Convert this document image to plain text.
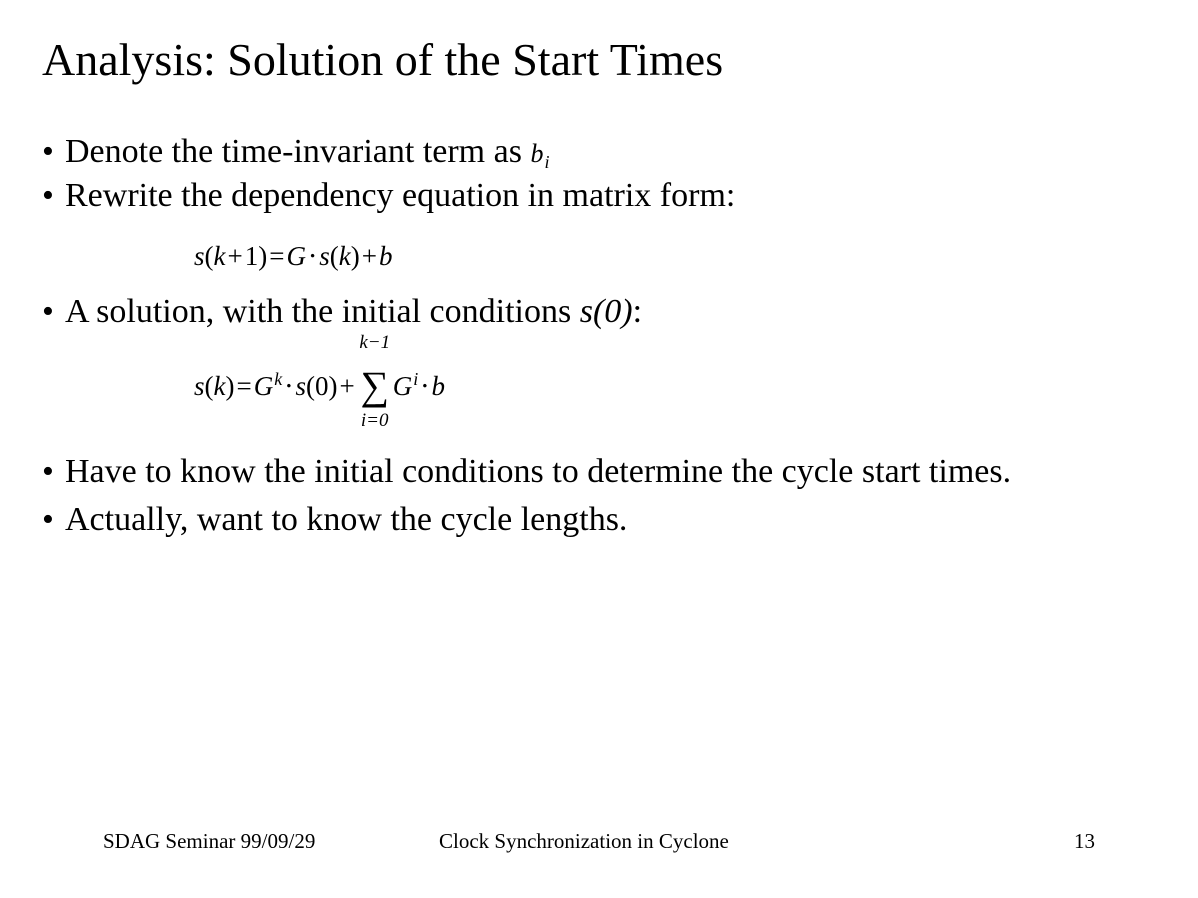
Analysis: Solution of the Start Times
• Denote the time-invariant term as $b_i$
• Rewrite the dependency equation in matrix form:
s(k+1)=G⋅s(k)+b
• A solution, with the initial conditions s(0):
$s(k)=G^k\cdot s(0)+$
k−1
∑
i=0
$G^i\cdot b$
• Have to know the initial conditions to determine the cycle start times.
• Actually, want to know the cycle lengths.
SDAG Seminar 99/09/29	Clock Synchronization in Cyclone	13
